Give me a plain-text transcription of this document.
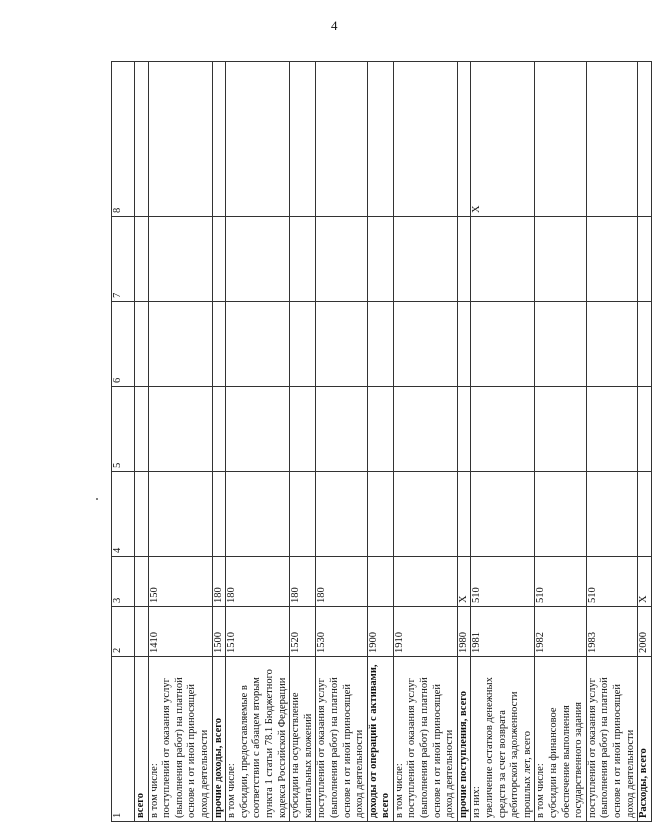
4
1	2	3	4	5	6	7	8
всего							
в том числе: поступлений от оказания услуг (выполнения работ) на платной основе и от иной приносящей доход деятельности	1410	150					
прочие доходы, всего	1500	180					
в том числе: субсидии, предоставляемые в соответствии с абзацем вторым пункта 1 статьи 78.1 Бюджетного кодекса Российской Федерации	1510	180					
субсидии на осуществление капитальных вложений	1520	180					
поступлений от оказания услуг (выполнения работ) на платной основе и от иной приносящей доход деятельности	1530	180					
доходы от операций с активами, всего	1900						
в том числе: поступлений от оказания услуг (выполнения работ) на платной основе и от иной приносящей доход деятельности	1910						
прочие поступления, всего	1980	X					
из них: увеличение остатков денежных средств за счет возврата дебиторской задолженности прошлых лет, всего	1981	510					X
в том числе: субсидии на финансовое обеспечение выполнения государственного задания	1982	510					
поступлений от оказания услуг (выполнения работ) на платной основе и от иной приносящей доход деятельности	1983	510					
Расходы, всего	2000	X					
